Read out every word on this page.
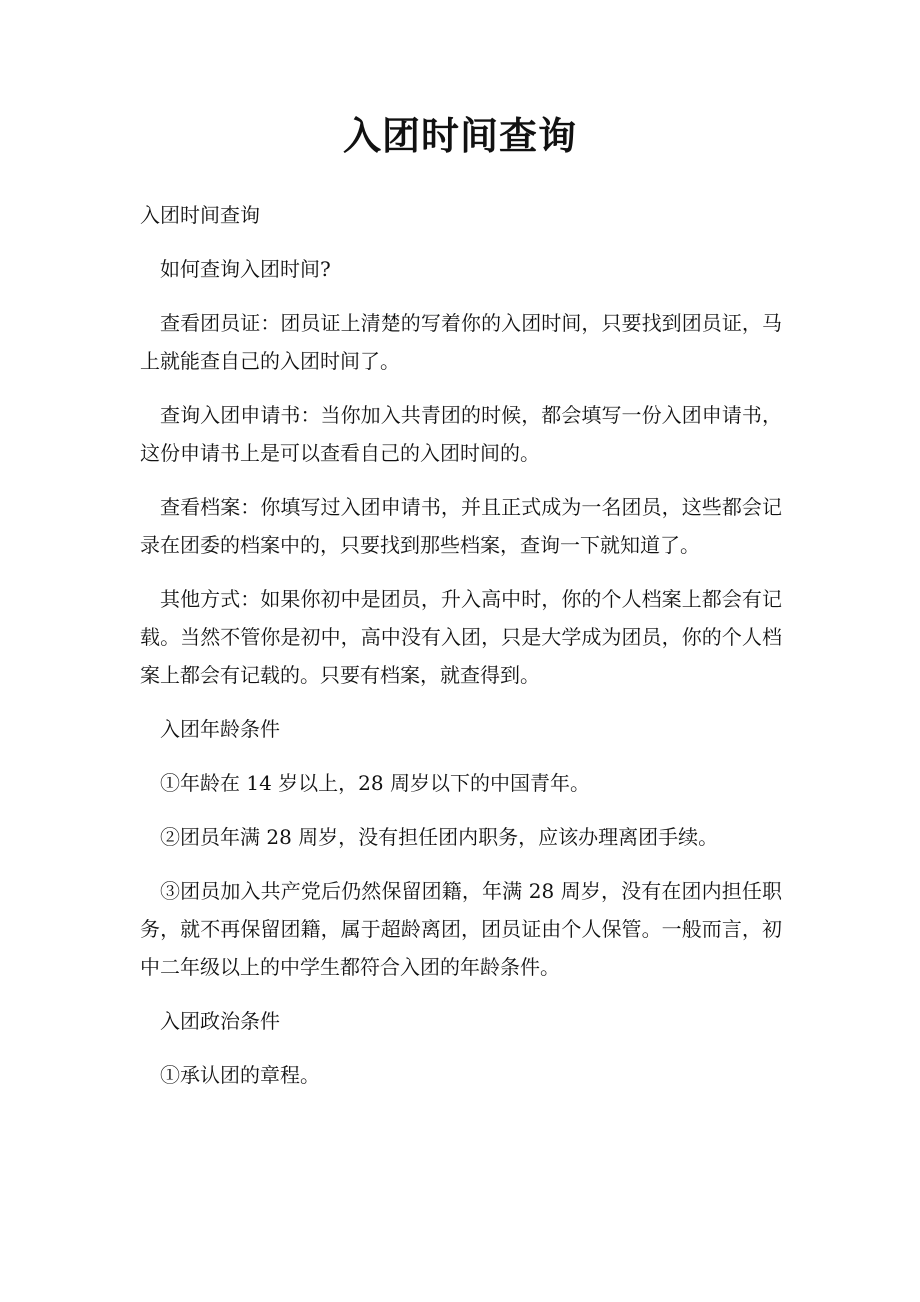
入团时间查询

入团时间查询

如何查询入团时间?

查看团员证：团员证上清楚的写着你的入团时间，只要找到团员证，马上就能查自己的入团时间了。

查询入团申请书：当你加入共青团的时候，都会填写一份入团申请书，这份申请书上是可以查看自己的入团时间的。

查看档案：你填写过入团申请书，并且正式成为一名团员，这些都会记录在团委的档案中的，只要找到那些档案，查询一下就知道了。

其他方式：如果你初中是团员，升入高中时，你的个人档案上都会有记载。当然不管你是初中，高中没有入团，只是大学成为团员，你的个人档案上都会有记载的。只要有档案，就查得到。

入团年龄条件

①年龄在 14 岁以上，28 周岁以下的中国青年。

②团员年满 28 周岁，没有担任团内职务，应该办理离团手续。

③团员加入共产党后仍然保留团籍，年满 28 周岁，没有在团内担任职务，就不再保留团籍，属于超龄离团，团员证由个人保管。一般而言，初中二年级以上的中学生都符合入团的年龄条件。

入团政治条件

①承认团的章程。
